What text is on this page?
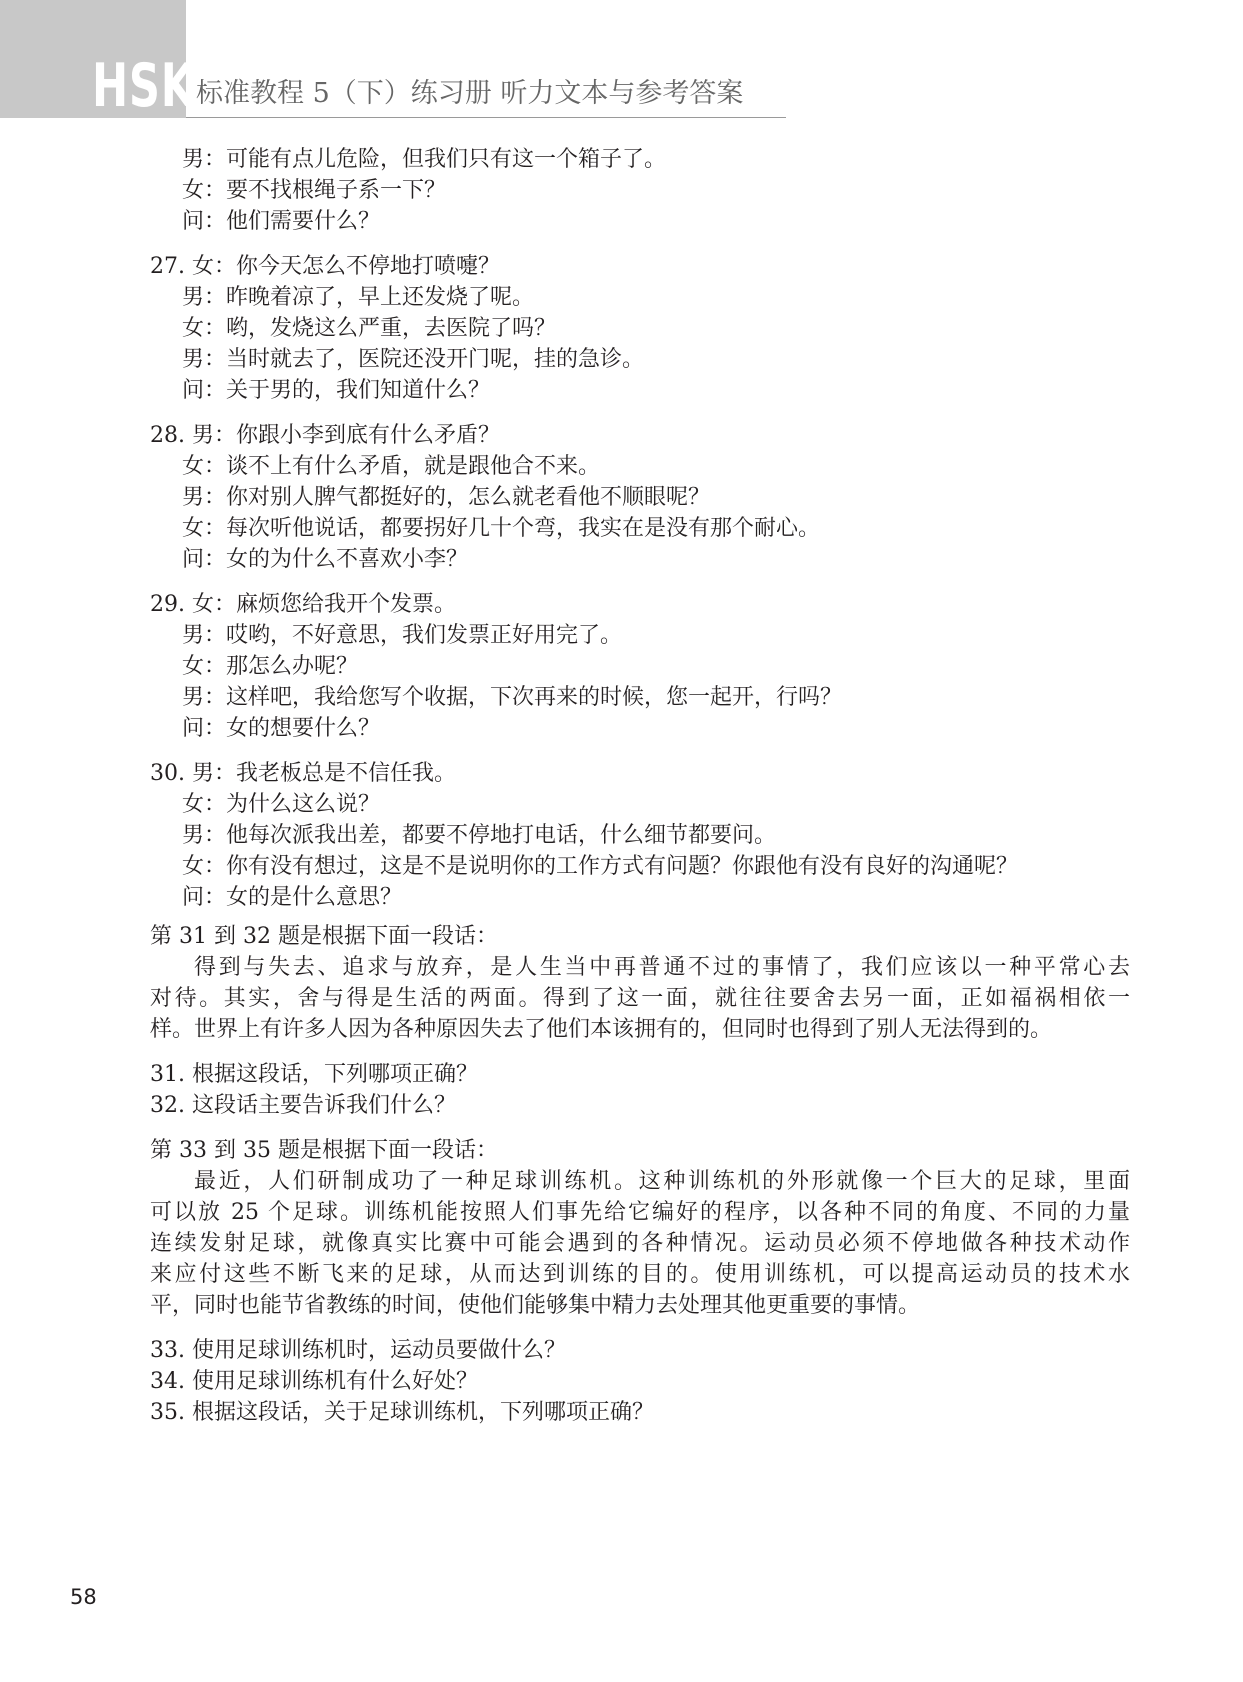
HSK 标准教程 5（下）练习册 听力文本与参考答案
男：可能有点儿危险，但我们只有这一个箱子了。
女：要不找根绳子系一下？
问：他们需要什么？
27. 女：你今天怎么不停地打喷嚏？
男：昨晚着凉了，早上还发烧了呢。
女：哟，发烧这么严重，去医院了吗？
男：当时就去了，医院还没开门呢，挂的急诊。
问：关于男的，我们知道什么？
28. 男：你跟小李到底有什么矛盾？
女：谈不上有什么矛盾，就是跟他合不来。
男：你对别人脾气都挺好的，怎么就老看他不顺眼呢？
女：每次听他说话，都要拐好几十个弯，我实在是没有那个耐心。
问：女的为什么不喜欢小李？
29. 女：麻烦您给我开个发票。
男：哎哟，不好意思，我们发票正好用完了。
女：那怎么办呢？
男：这样吧，我给您写个收据，下次再来的时候，您一起开，行吗？
问：女的想要什么？
30. 男：我老板总是不信任我。
女：为什么这么说？
男：他每次派我出差，都要不停地打电话，什么细节都要问。
女：你有没有想过，这是不是说明你的工作方式有问题？你跟他有没有良好的沟通呢？
问：女的是什么意思？
第 31 到 32 题是根据下面一段话：
得到与失去、追求与放弃，是人生当中再普通不过的事情了，我们应该以一种平常心去
对待。其实，舍与得是生活的两面。得到了这一面，就往往要舍去另一面，正如福祸相依一
样。世界上有许多人因为各种原因失去了他们本该拥有的，但同时也得到了别人无法得到的。
31. 根据这段话，下列哪项正确？
32. 这段话主要告诉我们什么？
第 33 到 35 题是根据下面一段话：
最近，人们研制成功了一种足球训练机。这种训练机的外形就像一个巨大的足球，里面
可以放 25 个足球。训练机能按照人们事先给它编好的程序，以各种不同的角度、不同的力量
连续发射足球，就像真实比赛中可能会遇到的各种情况。运动员必须不停地做各种技术动作
来应付这些不断飞来的足球，从而达到训练的目的。使用训练机，可以提高运动员的技术水
平，同时也能节省教练的时间，使他们能够集中精力去处理其他更重要的事情。
33. 使用足球训练机时，运动员要做什么？
34. 使用足球训练机有什么好处？
35. 根据这段话，关于足球训练机，下列哪项正确？
58
